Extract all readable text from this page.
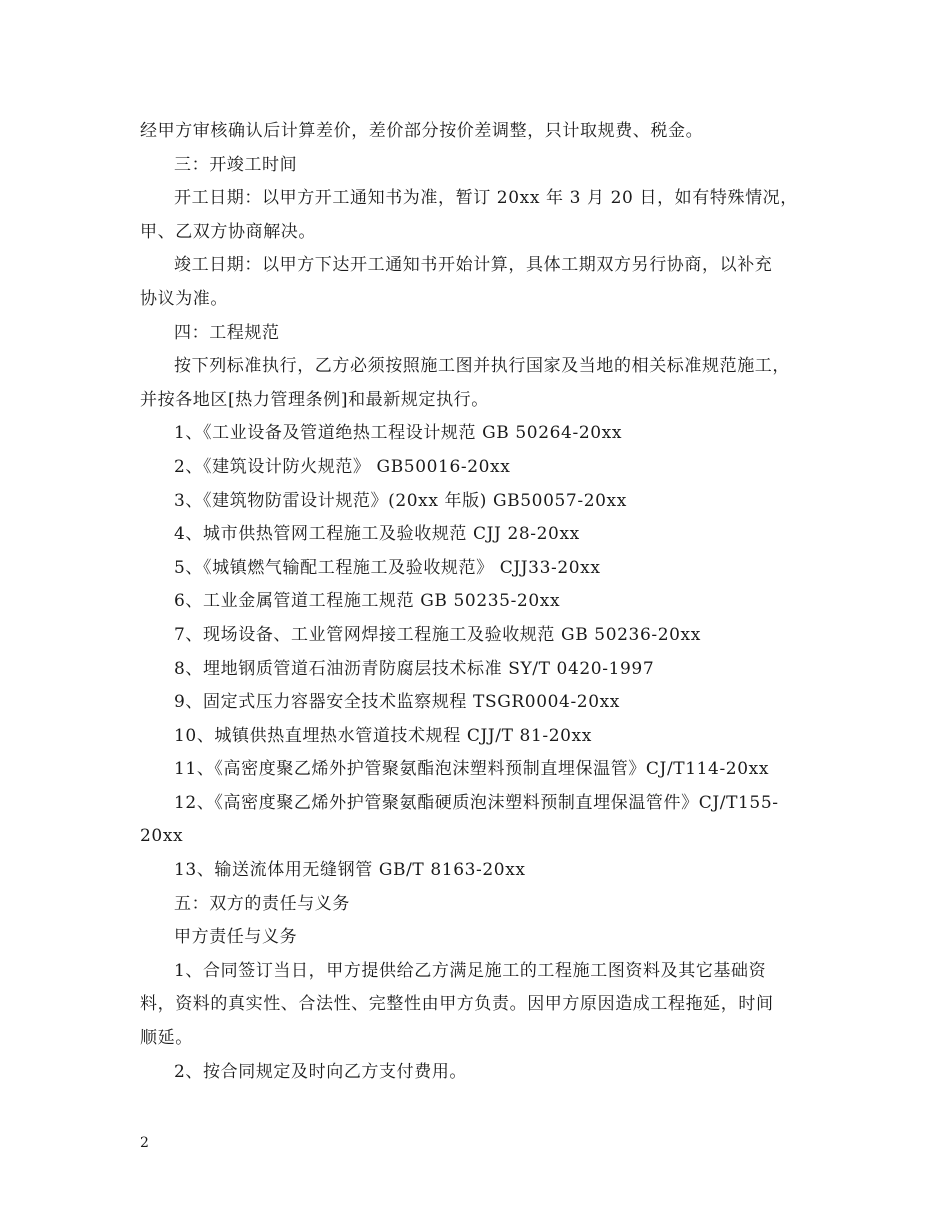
经甲方审核确认后计算差价，差价部分按价差调整，只计取规费、税金。
三：开竣工时间
开工日期：以甲方开工通知书为准，暂订 20xx 年 3 月 20 日，如有特殊情况，
甲、乙双方协商解决。
竣工日期：以甲方下达开工通知书开始计算，具体工期双方另行协商，以补充
协议为准。
四：工程规范
按下列标准执行，乙方必须按照施工图并执行国家及当地的相关标准规范施工，
并按各地区[热力管理条例]和最新规定执行。
1、《工业设备及管道绝热工程设计规范 GB 50264-20xx
2、《建筑设计防火规范》 GB50016-20xx
3、《建筑物防雷设计规范》(20xx 年版) GB50057-20xx
4、城市供热管网工程施工及验收规范 CJJ 28-20xx
5、《城镇燃气输配工程施工及验收规范》 CJJ33-20xx
6、工业金属管道工程施工规范 GB 50235-20xx
7、现场设备、工业管网焊接工程施工及验收规范 GB 50236-20xx
8、埋地钢质管道石油沥青防腐层技术标准 SY/T 0420-1997
9、固定式压力容器安全技术监察规程 TSGR0004-20xx
10、城镇供热直埋热水管道技术规程 CJJ/T 81-20xx
11、《高密度聚乙烯外护管聚氨酯泡沫塑料预制直埋保温管》CJ/T114-20xx
12、《高密度聚乙烯外护管聚氨酯硬质泡沫塑料预制直埋保温管件》CJ/T155-
20xx
13、输送流体用无缝钢管 GB/T 8163-20xx
五：双方的责任与义务
甲方责任与义务
1、合同签订当日，甲方提供给乙方满足施工的工程施工图资料及其它基础资
料，资料的真实性、合法性、完整性由甲方负责。因甲方原因造成工程拖延，时间
顺延。
2、按合同规定及时向乙方支付费用。
2
